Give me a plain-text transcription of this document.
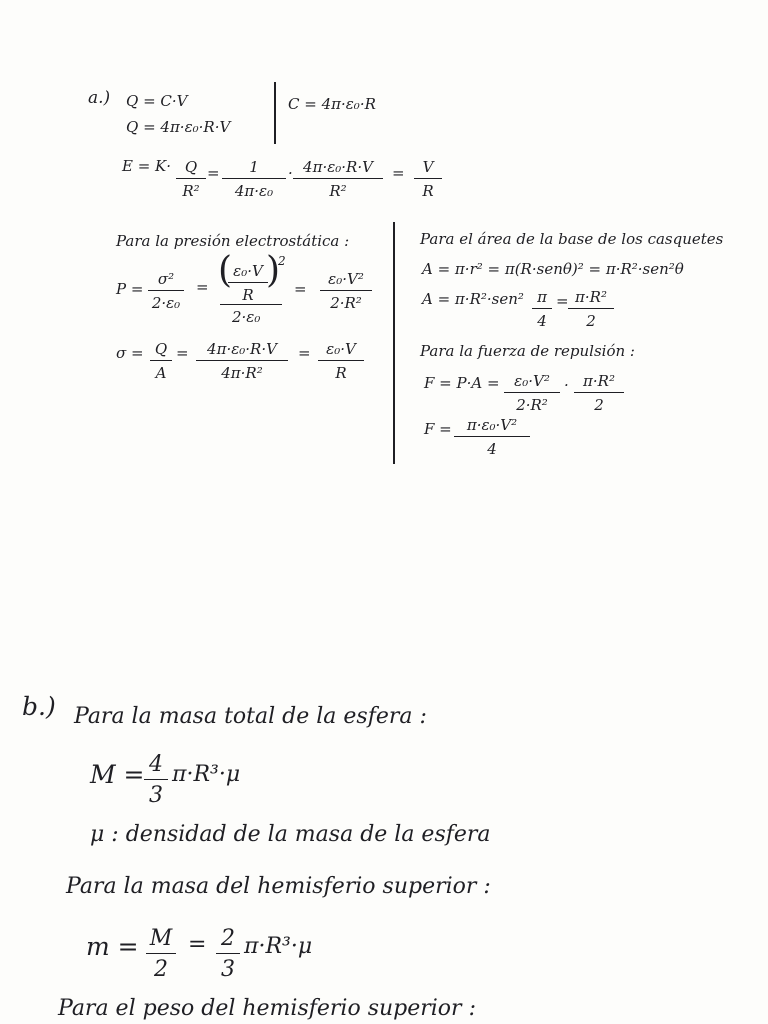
a.) Q = C·V
Q = 4π·ε₀·R·V
C = 4π·ε₀·R
E = K· Q
R²
=	1
4π·ε₀
· 4π·ε₀·R·V
R²
=	V
R
Para la presión electrostática :
P =
σ²
2·ε₀
= ( ε₀·V
R
)
2
2·ε₀
=
ε₀·V²
2·R²
σ = Q
A
=	4π·ε₀·R·V
4π·R²
=	ε₀·V
R
Para el área de la base de los casquetes
A = π·r² = π(R·senθ)² = π·R²·sen²θ
A = π·R²·sen² π
4
= π·R²
2
Para la fuerza de repulsión :
F = P·A = ε₀·V²
2·R²
· π·R²
2
F =	π·ε₀·V²
4
b.) Para la masa total de la esfera :
M = 4
3
π·R³·μ
μ : densidad de la masa de la esfera
Para la masa del hemisferio superior :
m = M
2
= 2
3
π·R³·μ
Para el peso del hemisferio superior :
